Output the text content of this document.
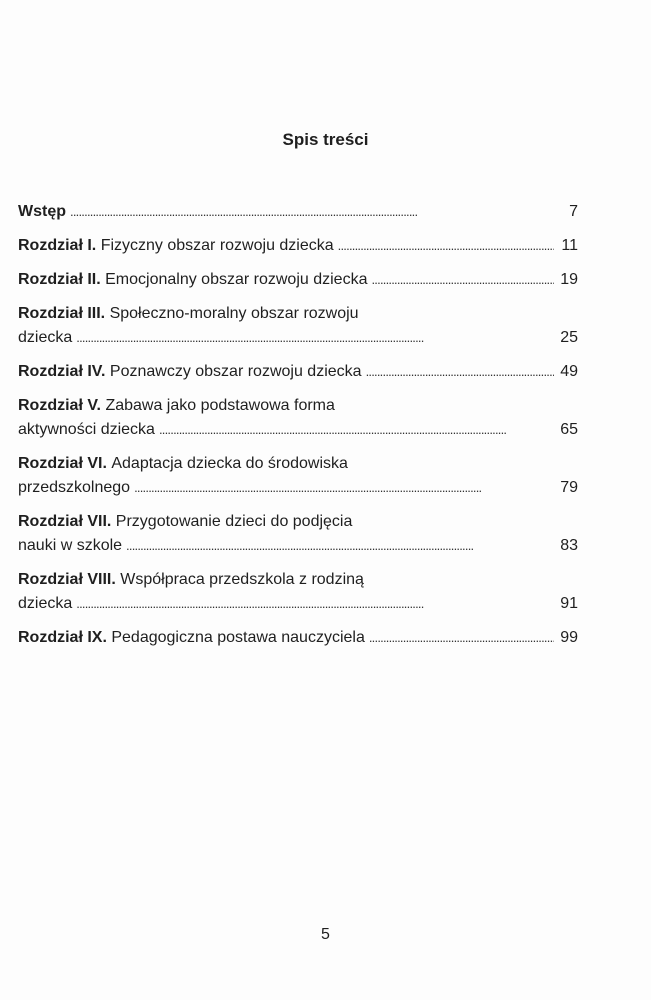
Spis treści
Wstęp . . .	7
Rozdział I.
Fizyczny obszar rozwoju dziecka . . .	11
Rozdział II.
Emocjonalny obszar rozwoju dziecka . . .	19
Rozdział III. Społeczno-moralny obszar rozwoju
dziecka . . .	25
Rozdział IV.
Poznawczy obszar rozwoju dziecka . . .	49
Rozdział V. Zabawa jako podstawowa forma
aktywności dziecka . . .	65
Rozdział VI. Adaptacja dziecka do środowiska
przedszkolnego . . .	79
Rozdział VII. Przygotowanie dzieci do podjęcia
nauki w szkole . . .	83
Rozdział VIII. Współpraca przedszkola z rodziną
dziecka . . .	91
Rozdział IX.
Pedagogiczna postawa nauczyciela . . .	99
5
